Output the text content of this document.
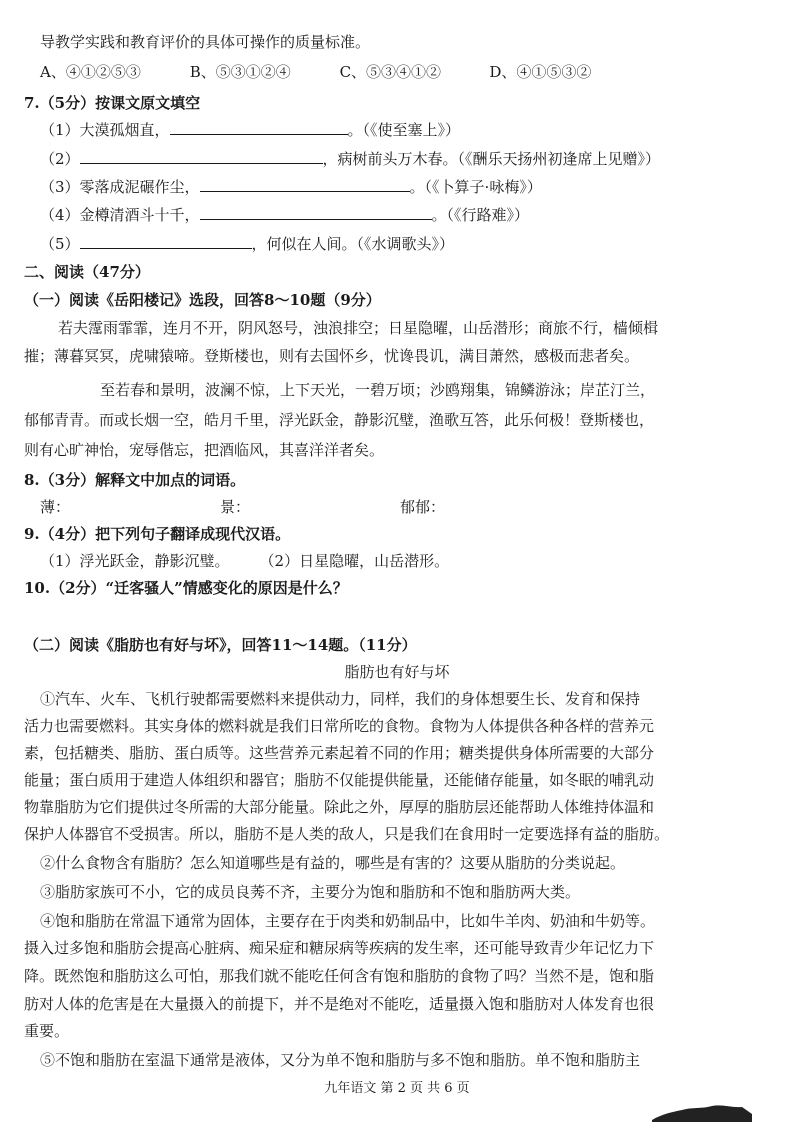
导教学实践和教育评价的具体可操作的质量标准。
A、④①②⑤③	B、⑤③①②④	C、⑤③④①②	D、④①⑤③②
7.（5分）按课文原文填空
（1）大漠孤烟直，	。（《使至塞上》）
（2）	，病树前头万木春。（《酬乐天扬州初逢席上见赠》）
（3）零落成泥碾作尘，	。（《卜算子·咏梅》）
（4）金樽清酒斗十千，	。（《行路难》）
（5）	，何似在人间。（《水调歌头》）
二、阅读（47分）
（一）阅读《岳阳楼记》选段，回答8～10题（9分）
若夫霪雨霏霏，连月不开，阴风怒号，浊浪排空；日星隐曜，山岳潜形；商旅不行，樯倾楫
摧；薄暮冥冥，虎啸猿啼。登斯楼也，则有去国怀乡，忧谗畏讥，满目萧然，感极而悲者矣。
至若春和景明，波澜不惊，上下天光，一碧万顷；沙鸥翔集，锦鳞游泳；岸芷汀兰，
郁郁青青。而或长烟一空，皓月千里，浮光跃金，静影沉璧，渔歌互答，此乐何极！登斯楼也，
则有心旷神怡，宠辱偕忘，把酒临风，其喜洋洋者矣。
8.（3分）解释文中加点的词语。
薄：	景：	郁郁：
9.（4分）把下列句子翻译成现代汉语。
（1）浮光跃金，静影沉璧。 （2）日星隐曜，山岳潜形。
10.（2分）“迁客骚人”情感变化的原因是什么？
（二）阅读《脂肪也有好与坏》，回答11～14题。（11分）
脂肪也有好与坏
①汽车、火车、飞机行驶都需要燃料来提供动力，同样，我们的身体想要生长、发育和保持
活力也需要燃料。其实身体的燃料就是我们日常所吃的食物。食物为人体提供各种各样的营养元
素，包括糖类、脂肪、蛋白质等。这些营养元素起着不同的作用；糖类提供身体所需要的大部分
能量；蛋白质用于建造人体组织和器官；脂肪不仅能提供能量，还能储存能量，如冬眠的哺乳动
物靠脂肪为它们提供过冬所需的大部分能量。除此之外，厚厚的脂肪层还能帮助人体维持体温和
保护人体器官不受损害。所以，脂肪不是人类的敌人，只是我们在食用时一定要选择有益的脂肪。
②什么食物含有脂肪？怎么知道哪些是有益的，哪些是有害的？这要从脂肪的分类说起。
③脂肪家族可不小，它的成员良莠不齐，主要分为饱和脂肪和不饱和脂肪两大类。
④饱和脂肪在常温下通常为固体，主要存在于肉类和奶制品中，比如牛羊肉、奶油和牛奶等。
摄入过多饱和脂肪会提高心脏病、痴呆症和糖尿病等疾病的发生率，还可能导致青少年记忆力下
降。既然饱和脂肪这么可怕，那我们就不能吃任何含有饱和脂肪的食物了吗？当然不是，饱和脂
肪对人体的危害是在大量摄入的前提下，并不是绝对不能吃，适量摄入饱和脂肪对人体发育也很
重要。
⑤不饱和脂肪在室温下通常是液体，又分为单不饱和脂肪与多不饱和脂肪。单不饱和脂肪主
九年语文 第 2 页 共 6 页
